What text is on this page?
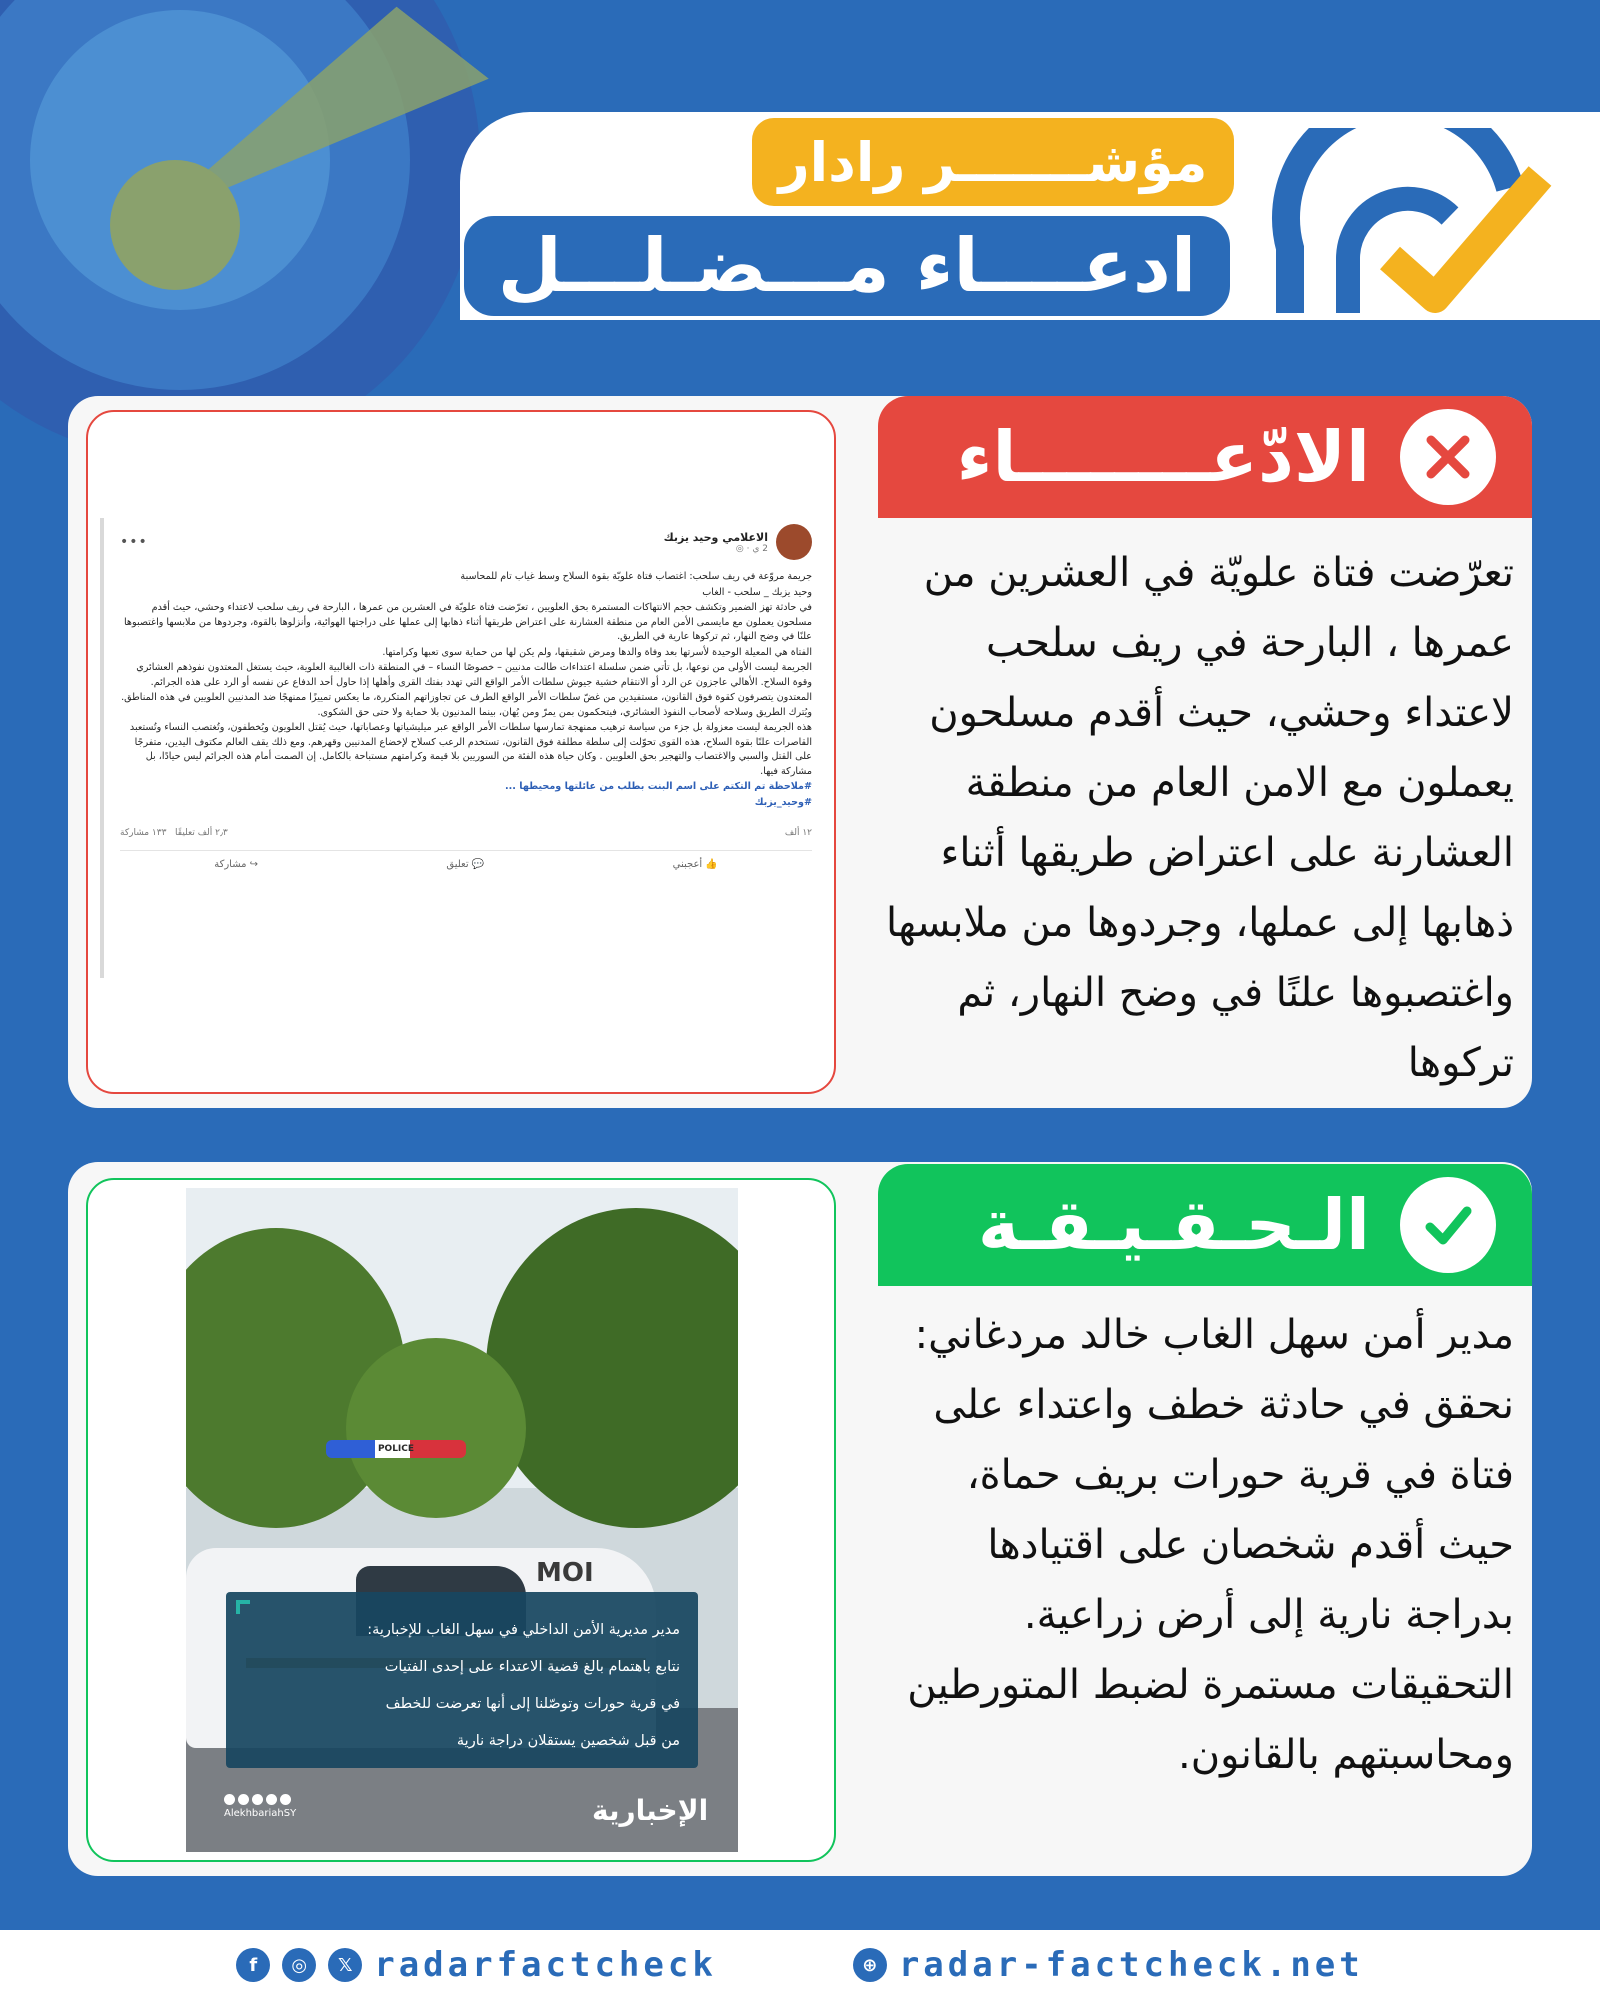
مؤشـــــــر رادار
ادعــــاء مـــضـلـــل
الاعلامي وحيد يزبك
2 ي · ◎
•••

جريمة مروّعة في ريف سلحب: اغتصاب فتاة علويّة بقوة السلاح وسط غياب تام للمحاسبة

وحيد يزبك _ سلحب - الغاب

في حادثة تهز الضمير وتكشف حجم الانتهاكات المستمرة بحق العلويين ، تعرّضت فتاة علويّة في العشرين من عمرها ، البارحة في ريف سلحب لاعتداء وحشي، حيث أقدم مسلحون يعملون مع مايسمى الأمن العام من منطقة العشارنة على اعتراض طريقها أثناء ذهابها إلى عملها على دراجتها الهوائية، وأنزلوها بالقوة، وجردوها من ملابسها واغتصبوها علنًا في وضح النهار، ثم تركوها عارية في الطريق.

الفتاة هي المعيلة الوحيدة لأسرتها بعد وفاة والدها ومرض شقيقها، ولم يكن لها من حماية سوى تعبها وكرامتها.

الجريمة ليست الأولى من نوعها، بل تأتي ضمن سلسلة اعتداءات طالت مدنيين – خصوصًا النساء – في المنطقة ذات الغالبية العلوية، حيث يستغل المعتدون نفوذهم العشائري وقوة السلاح. الأهالي عاجزون عن الرد أو الانتقام خشية جيوش سلطات الأمر الواقع التي تهدد بفتك القرى وأهلها إذا حاول أحد الدفاع عن نفسه أو الرد على هذه الجرائم.

المعتدون يتصرفون كقوة فوق القانون، مستفيدين من غضّ سلطات الأمر الواقع الطرف عن تجاوزاتهم المتكررة، ما يعكس تمييزًا ممنهجًا ضد المدنيين العلويين في هذه المناطق. ويُترك الطريق وسلاحه لأصحاب النفوذ العشائري، فيتحكمون بمن يمرّ ومن يُهان، بينما المدنيون بلا حماية ولا حتى حق الشكوى.

هذه الجريمة ليست معزولة بل جزء من سياسة ترهيب ممنهجة تمارسها سلطات الأمر الواقع عبر ميليشياتها وعصاباتها، حيث يُقتل العلويون ويُخطفون، وتُغتصب النساء وتُستعبد القاصرات علنًا بقوة السلاح، هذه القوى تحوّلت إلى سلطة مطلقة فوق القانون، تستخدم الرعب كسلاح لإخضاع المدنيين وقهرهم. ومع ذلك يقف العالم مكتوف اليدين، متفرجًا على القتل والسبي والاغتصاب والتهجير بحق العلويين . وكان حياة هذه الفئة من السوريين بلا قيمة وكرامتهم مستباحة بالكامل. إن الصمت أمام هذه الجرائم ليس حيادًا، بل مشاركة فيها.

#ملاحظة تم التكتم على اسم البنت بطلب من عائلتها ومحيطها ...

#وحيد_يزبك

١٢ ألف
٢٫٣ ألف تعليقًا   ١٣٣ مشاركة
👍 أعجبني
💬 تعليق
↪ مشاركة
الادّعــــــــاء
تعرّضت فتاة علويّة في العشرين من عمرها ، البارحة في ريف سلحب لاعتداء وحشي، حيث أقدم مسلحون يعملون مع الامن العام من منطقة العشارنة على اعتراض طريقها أثناء ذهابها إلى عملها، وجردوها من ملابسها واغتصبوها علنًا في وضح النهار، ثم تركوها
POLICE
MOI

مدير مديرية الأمن الداخلي في سهل الغاب للإخبارية:

نتابع باهتمام بالغ قضية الاعتداء على إحدى الفتيات

في قرية حورات وتوصّلنا إلى أنها تعرضت للخطف

من قبل شخصين يستقلان دراجة نارية

الإخبارية
AlekhbariahSY
الـحـقـيـقـة
مدير أمن سهل الغاب خالد مردغاني: نحقق في حادثة خطف واعتداء على فتاة في قرية حورات بريف حماة، حيث أقدم شخصان على اقتيادها بدراجة نارية إلى أرض زراعية. التحقيقات مستمرة لضبط المتورطين ومحاسبتهم بالقانون.
f	◎	𝕏 radarfactcheck	⊕ radar-factcheck.net
